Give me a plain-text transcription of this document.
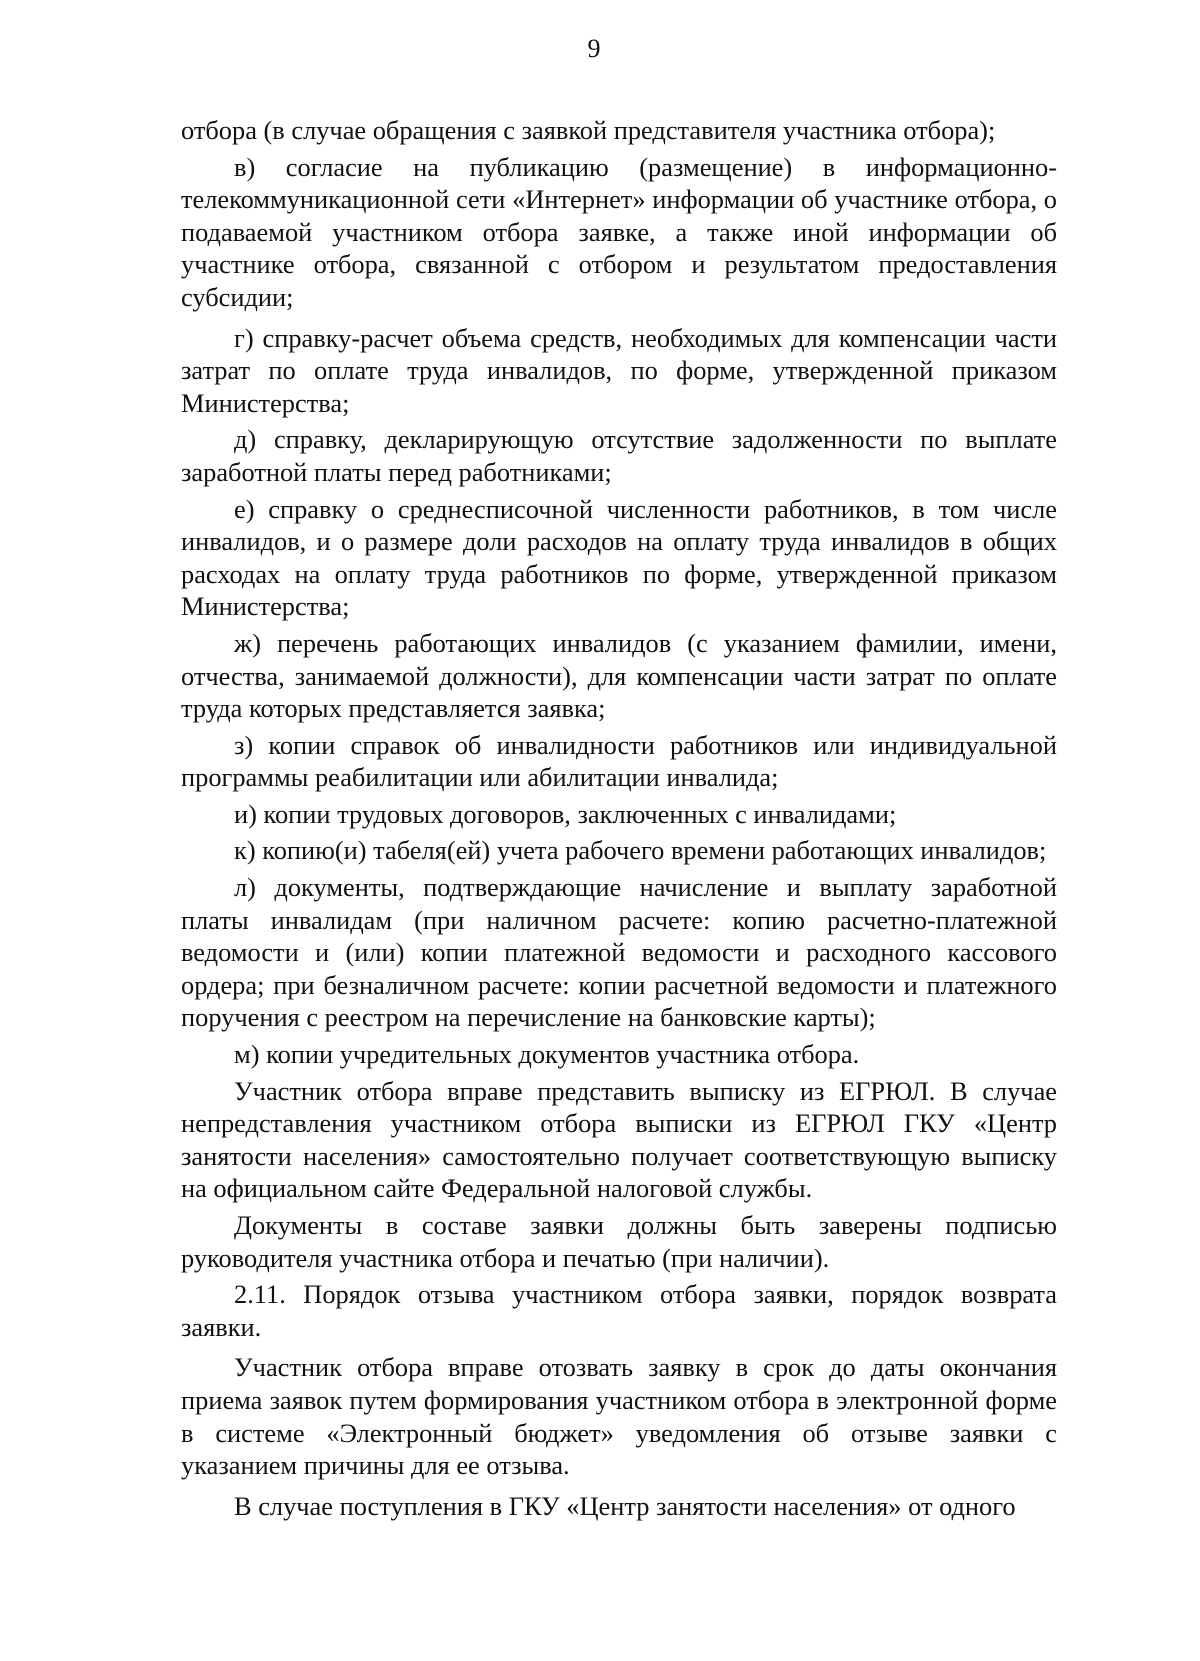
9

отбора (в случае обращения с заявкой представителя участника отбора);

в) согласие на публикацию (размещение) в информационно-телекоммуникационной сети «Интернет» информации об участнике отбора, о подаваемой участником отбора заявке, а также иной информации об участнике отбора, связанной с отбором и результатом предоставления субсидии;

г) справку-расчет объема средств, необходимых для компенсации части затрат по оплате труда инвалидов, по форме, утвержденной приказом Министерства;

д) справку, декларирующую отсутствие задолженности по выплате заработной платы перед работниками;

е) справку о среднесписочной численности работников, в том числе инвалидов, и о размере доли расходов на оплату труда инвалидов в общих расходах на оплату труда работников по форме, утвержденной приказом Министерства;

ж) перечень работающих инвалидов (с указанием фамилии, имени, отчества, занимаемой должности), для компенсации части затрат по оплате труда которых представляется заявка;

з) копии справок об инвалидности работников или индивидуальной программы реабилитации или абилитации инвалида;

и) копии трудовых договоров, заключенных с инвалидами;

к) копию(и) табеля(ей) учета рабочего времени работающих инвалидов;

л) документы, подтверждающие начисление и выплату заработной платы инвалидам (при наличном расчете: копию расчетно-платежной ведомости и (или) копии платежной ведомости и расходного кассового ордера; при безналичном расчете: копии расчетной ведомости и платежного поручения с реестром на перечисление на банковские карты);

м) копии учредительных документов участника отбора.

Участник отбора вправе представить выписку из ЕГРЮЛ. В случае непредставления участником отбора выписки из ЕГРЮЛ ГКУ «Центр занятости населения» самостоятельно получает соответствующую выписку на официальном сайте Федеральной налоговой службы.

Документы в составе заявки должны быть заверены подписью руководителя участника отбора и печатью (при наличии).

2.11. Порядок отзыва участником отбора заявки, порядок возврата заявки.

Участник отбора вправе отозвать заявку в срок до даты окончания приема заявок путем формирования участником отбора в электронной форме в системе «Электронный бюджет» уведомления об отзыве заявки с указанием причины для ее отзыва.

В случае поступления в ГКУ «Центр занятости населения» от одного
